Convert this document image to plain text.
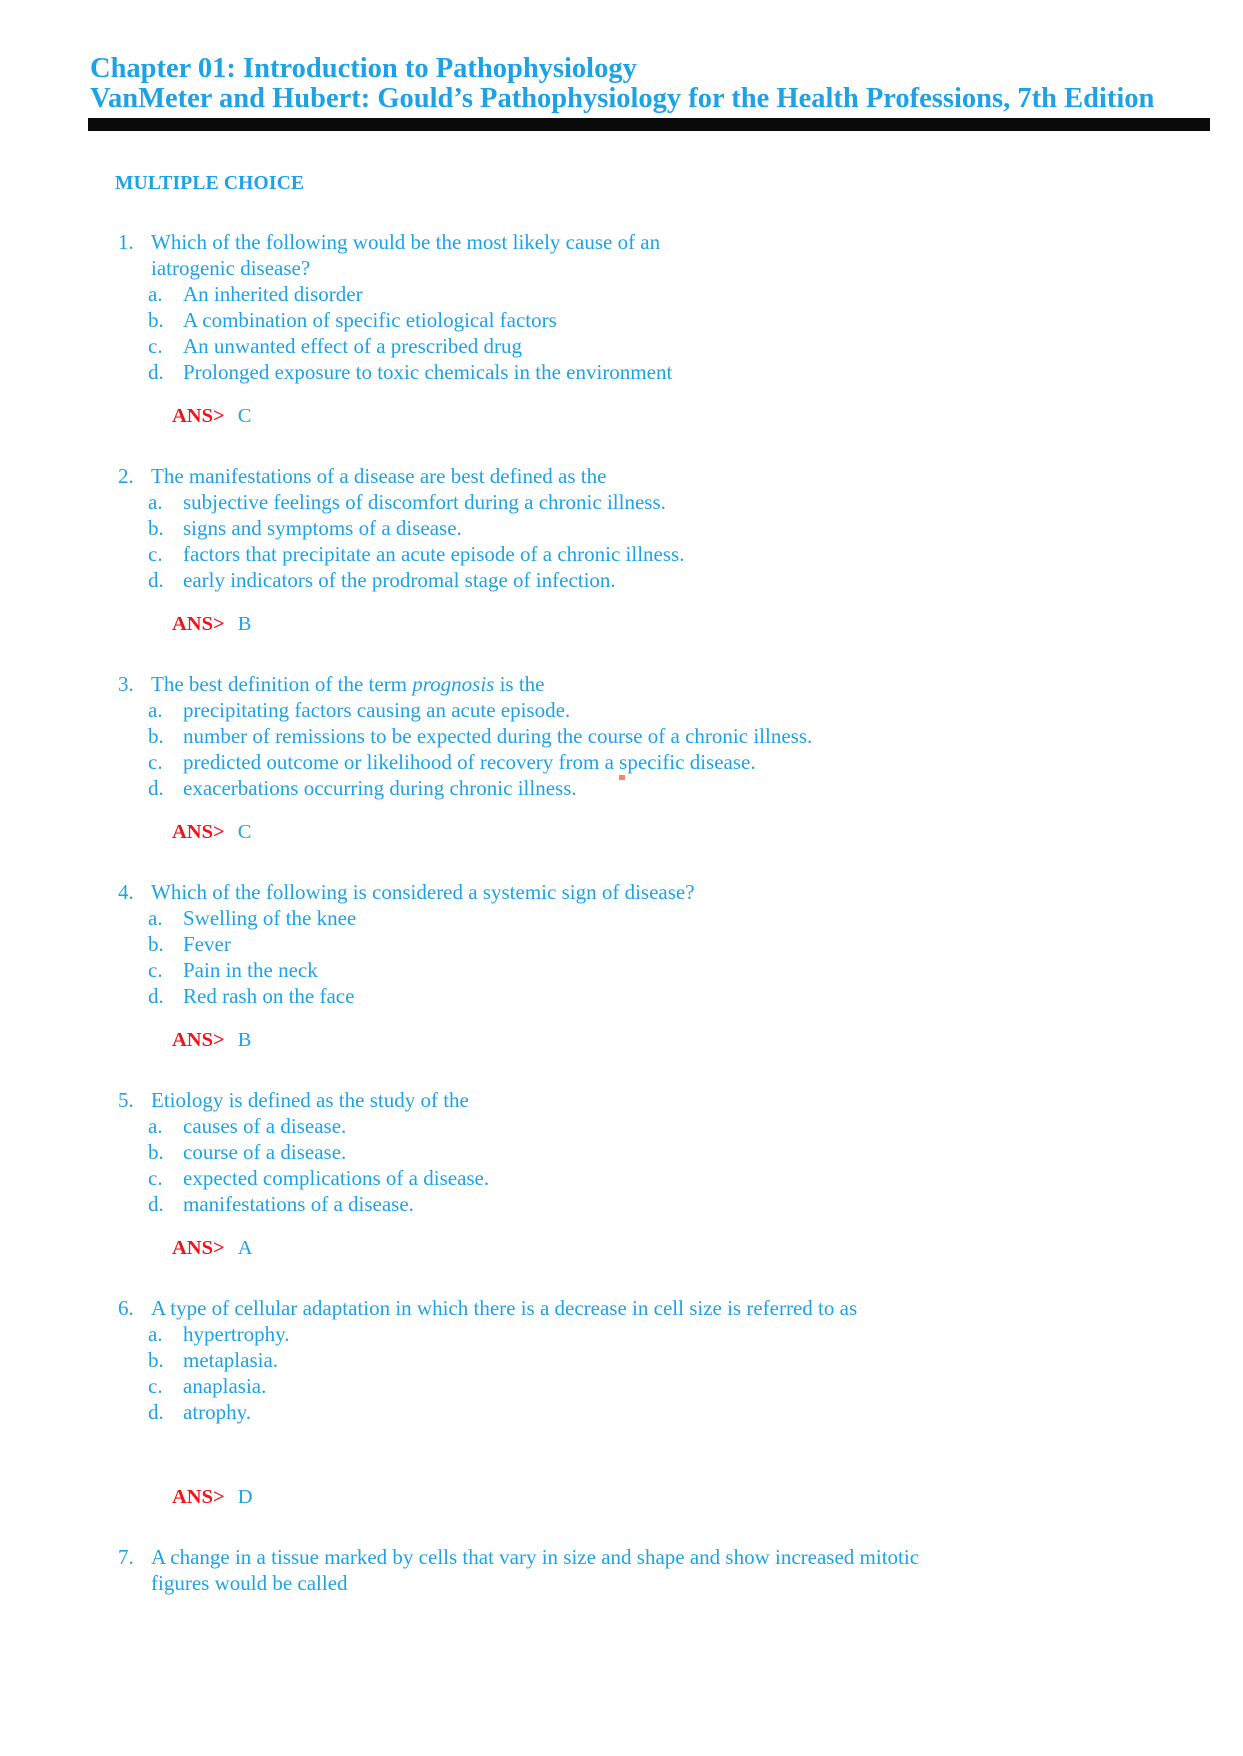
Chapter 01: Introduction to Pathophysiology
VanMeter and Hubert: Gould’s Pathophysiology for the Health Professions, 7th Edition
MULTIPLE CHOICE
1. Which of the following would be the most likely cause of an
iatrogenic disease?
a. An inherited disorder
b. A combination of specific etiological factors
c. An unwanted effect of a prescribed drug
d. Prolonged exposure to toxic chemicals in the environment
ANS> C
2. The manifestations of a disease are best defined as the
a. subjective feelings of discomfort during a chronic illness.
b. signs and symptoms of a disease.
c. factors that precipitate an acute episode of a chronic illness.
d. early indicators of the prodromal stage of infection.
ANS> B
3. The best definition of the term prognosis is the
a. precipitating factors causing an acute episode.
b. number of remissions to be expected during the course of a chronic illness.
c. predicted outcome or likelihood of recovery from a specific disease.
d. exacerbations occurring during chronic illness.
ANS> C
4. Which of the following is considered a systemic sign of disease?
a. Swelling of the knee
b. Fever
c. Pain in the neck
d. Red rash on the face
ANS> B
5. Etiology is defined as the study of the
a. causes of a disease.
b. course of a disease.
c. expected complications of a disease.
d. manifestations of a disease.
ANS> A
6. A type of cellular adaptation in which there is a decrease in cell size is referred to as
a. hypertrophy.
b. metaplasia.
c. anaplasia.
d. atrophy.
ANS> D
7. A change in a tissue marked by cells that vary in size and shape and show increased mitotic
figures would be called
